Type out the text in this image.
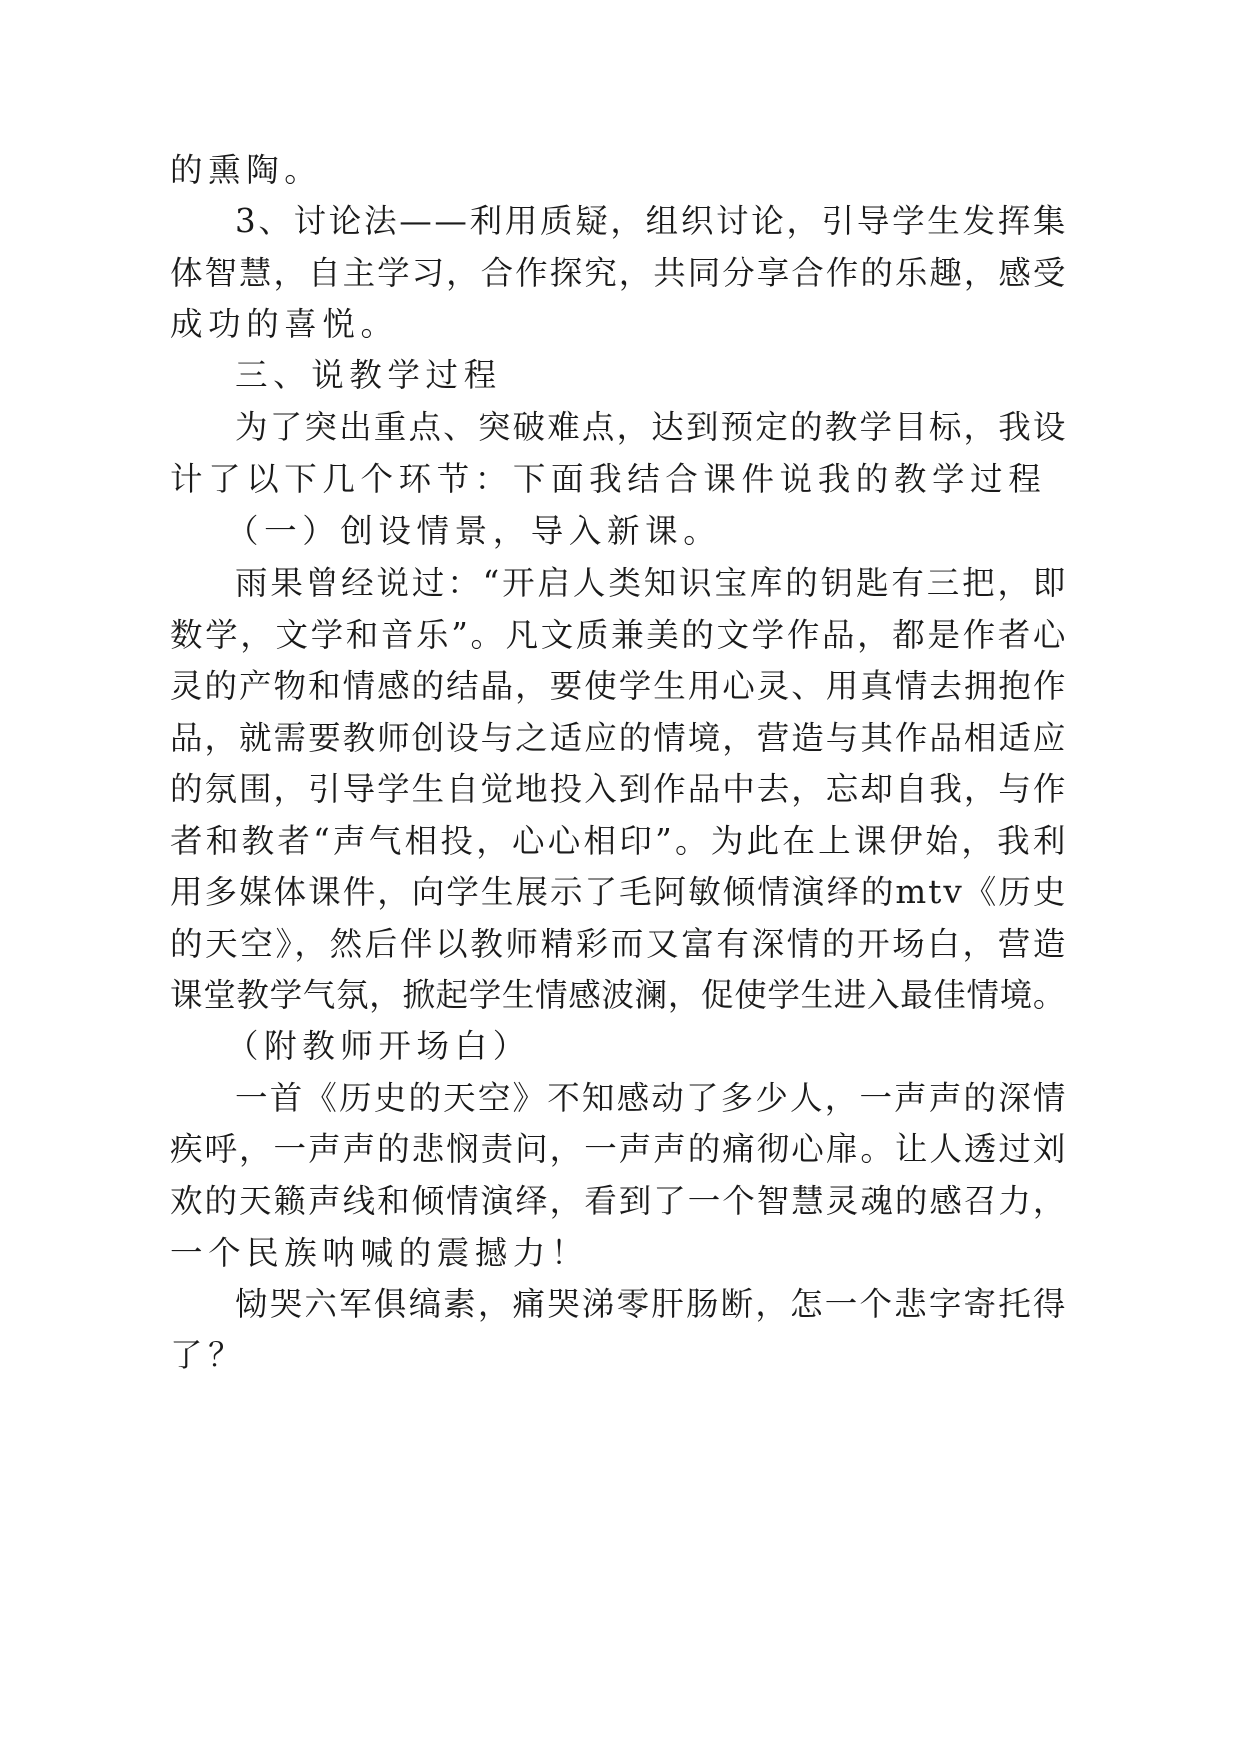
的熏陶。
3、讨论法——利用质疑，组织讨论，引导学生发挥集
体智慧，自主学习，合作探究，共同分享合作的乐趣，感受
成功的喜悦。
三、说教学过程
为了突出重点、突破难点，达到预定的教学目标，我设
计了以下几个环节：下面我结合课件说我的教学过程
（一）创设情景，导入新课。
雨果曾经说过：“开启人类知识宝库的钥匙有三把，即
数学，文学和音乐”。凡文质兼美的文学作品，都是作者心
灵的产物和情感的结晶，要使学生用心灵、用真情去拥抱作
品，就需要教师创设与之适应的情境，营造与其作品相适应
的氛围，引导学生自觉地投入到作品中去，忘却自我，与作
者和教者“声气相投，心心相印”。为此在上课伊始，我利
用多媒体课件，向学生展示了毛阿敏倾情演绎的mtv《历史
的天空》，然后伴以教师精彩而又富有深情的开场白，营造
课堂教学气氛，掀起学生情感波澜，促使学生进入最佳情境。
（附教师开场白）
一首《历史的天空》不知感动了多少人，一声声的深情
疾呼，一声声的悲悯责问，一声声的痛彻心扉。让人透过刘
欢的天籁声线和倾情演绎，看到了一个智慧灵魂的感召力，
一个民族呐喊的震撼力！
恸哭六军俱缟素，痛哭涕零肝肠断，怎一个悲字寄托得
了？
